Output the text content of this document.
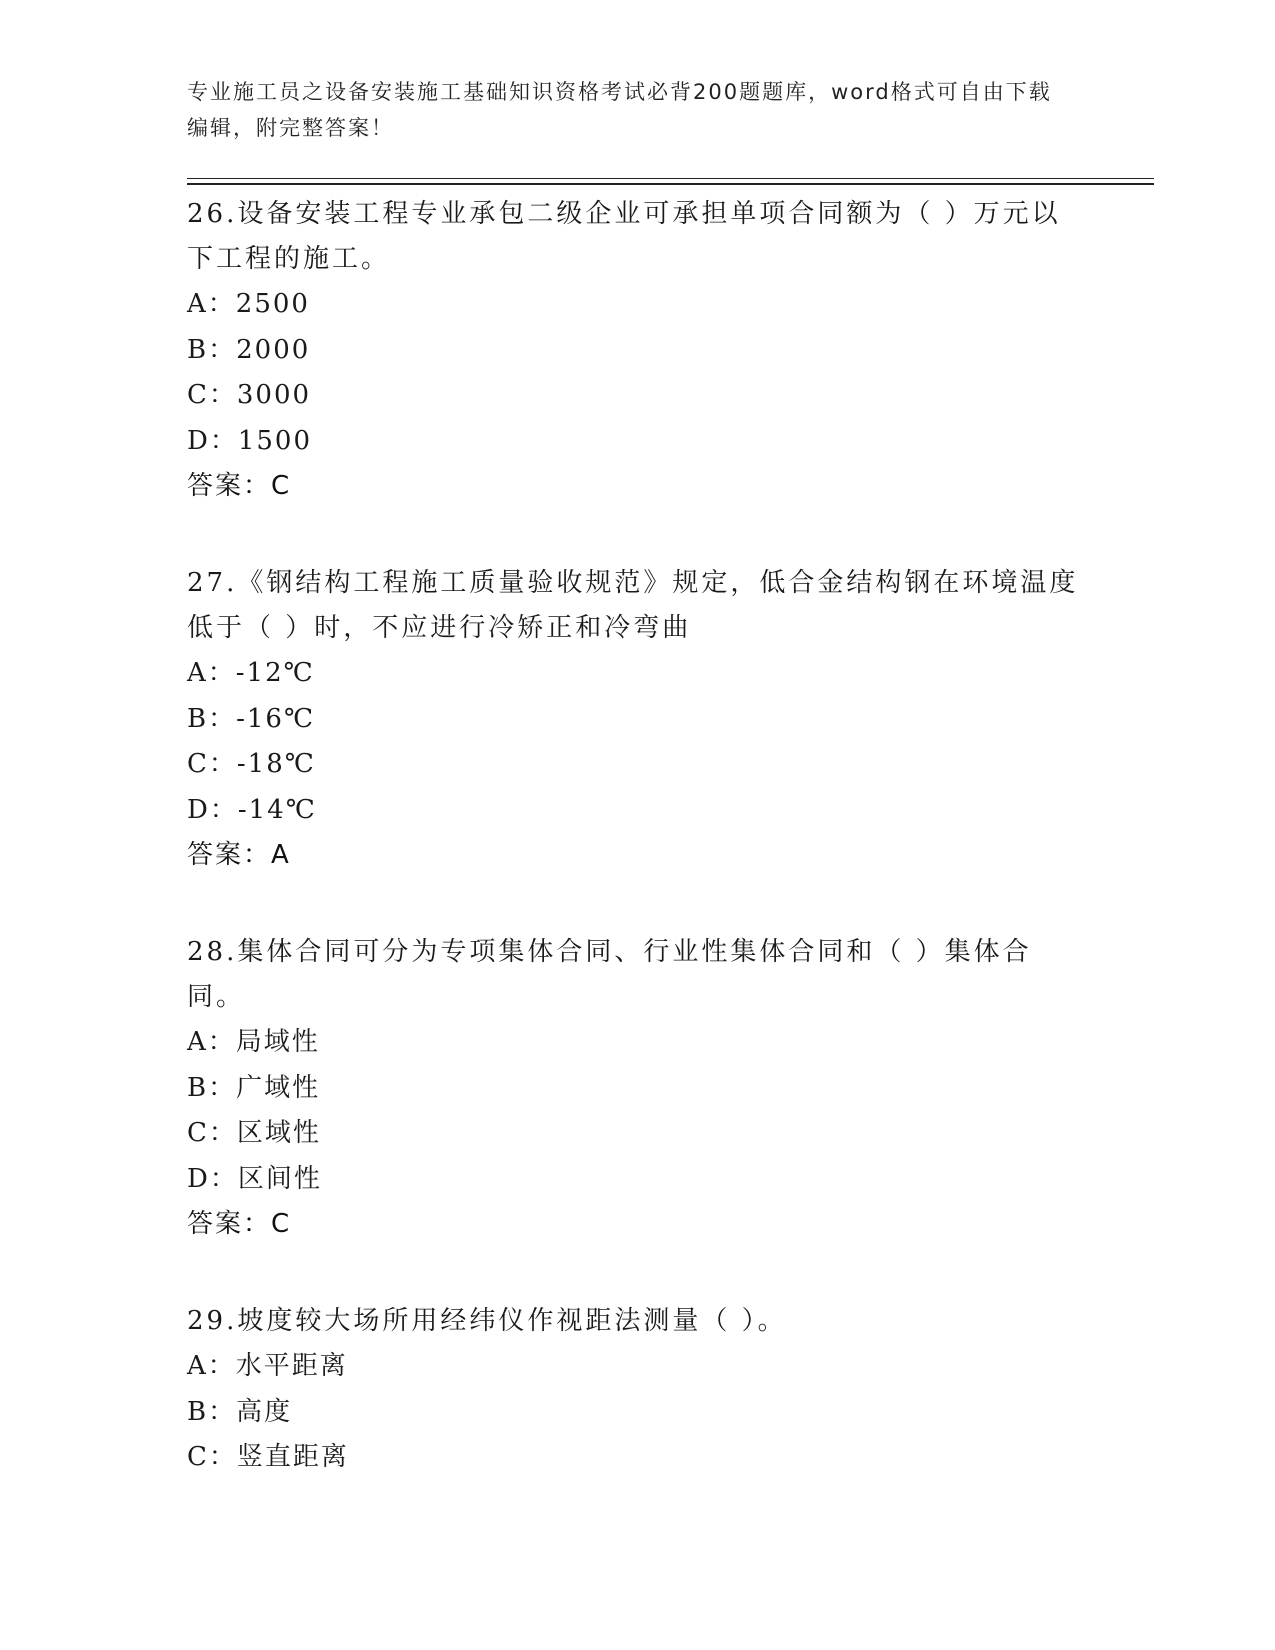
专业施工员之设备安装施工基础知识资格考试必背200题题库，word格式可自由下载编辑，附完整答案！

26.设备安装工程专业承包二级企业可承担单项合同额为（ ）万元以下工程的施工。

A：2500

B：2000

C：3000

D：1500

答案：C

27.《钢结构工程施工质量验收规范》规定，低合金结构钢在环境温度低于（ ）时，不应进行冷矫正和冷弯曲

A：-12℃

B：-16℃

C：-18℃

D：-14℃

答案：A

28.集体合同可分为专项集体合同、行业性集体合同和（ ）集体合同。

A：局域性

B：广域性

C：区域性

D：区间性

答案：C

29.坡度较大场所用经纬仪作视距法测量（ ）。

A：水平距离

B：高度

C：竖直距离
